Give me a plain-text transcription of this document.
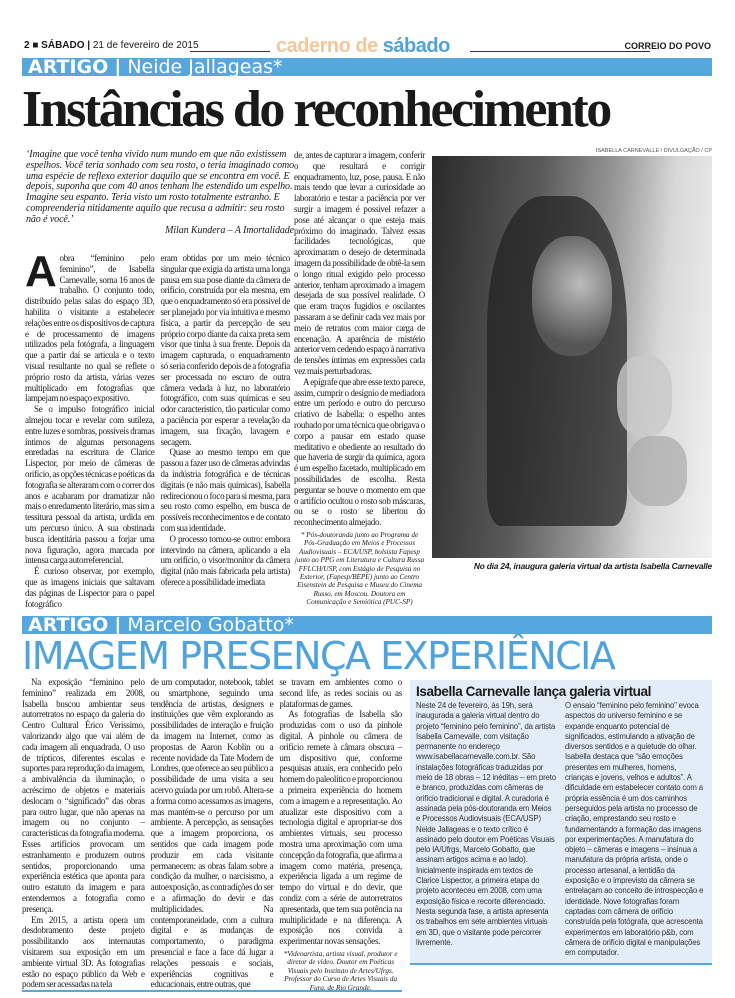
2 ■ SÁBADO | 21 de fevereiro de 2015	caderno de sábado	CORREIO DO POVO
ARTIGO | Neide Jallageas*
Instâncias do reconhecimento
‘Imagine que você tenha vivido num mundo em que não existissem espelhos. Você teria sonhado com seu rosto, o teria imaginado como uma espécie de reflexo exterior daquilo que se encontra em você. E depois, suponha que com 40 anos tenham lhe estendido um espelho. Imagine seu espanto. Teria visto um rosto totalmente estranho. E compreenderia nitidamente aquilo que recusa a admitir: seu rosto não é você.’
Milan Kundera – A Imortalidade

Aobra “feminino pelo feminino”, de Isabella Carnevalle, soma 16 anos de trabalho. O conjunto todo, distribuído pelas salas do espaço 3D, habilita o visitante a estabelecer relações entre os dispositivos de captura e de processamento de imagens utilizados pela fotógrafa, a linguagem que a partir daí se articula e o texto visual resultante no qual se reflete o próprio rosto da artista, várias vezes multiplicado em fotografias que lampejam no espaço expositivo.

Se o impulso fotográfico inicial almejou tocar e revelar com sutileza, entre luzes e sombras, possíveis dramas íntimos de algumas personagens enredadas na escritura de Clarice Lispector, por meio de câmeras de orifício, as opções técnicas e poéticas da fotografia se alteraram com o correr dos anos e acabaram por dramatizar não mais o enredamento literário, mas sim a tessitura pessoal da artista, urdida em um percurso único. A sua obstinada busca identitária passou a forjar uma nova figuração, agora marcada por intensa carga autorreferencial.

É curioso observar, por exemplo, que as imagens iniciais que saltavam das páginas de Lispector para o papel fotográfico

eram obtidas por um meio técnico singular que exigia da artista uma longa pausa em sua pose diante da câmera de orifício, construída por ela mesma, em que o enquadramento só era possível de ser planejado por via intuitiva e mesmo física, a partir da percepção de seu próprio corpo diante da caixa preta sem visor que tinha à sua frente. Depois da imagem capturada, o enquadramento só seria conferido depois de a fotografia ser processada no escuro de outra câmera vedada à luz, no laboratório fotográfico, com suas químicas e seu odor característico, tão particular como a paciência por esperar a revelação da imagem, sua fixação, lavagem e secagem.

Quase ao mesmo tempo em que passou a fazer uso de câmeras advindas da indústria fotográfica e de técnicas digitais (e não mais químicas), Isabella redirecionou o foco para si mesma, para seu rosto como espelho, em busca de possíveis reconhecimentos e de contato com sua identidade.

O processo tornou-se outro: embora intervindo na câmera, aplicando a ela um orifício, o visor/monitor da câmera digital (não mais fabricada pela artista) oferece a possibilidade imediata

de, antes de capturar a imagem, conferir o que resultará e corrigir enquadramento, luz, pose, pausa. E não mais tendo que levar a curiosidade ao laboratório e testar a paciência por ver surgir a imagem é possível refazer a pose até alcançar o que esteja mais próximo do imaginado. Talvez essas facilidades tecnológicas, que aproximaram o desejo de determinada imagem da possibilidade de obtê-la sem o longo ritual exigido pelo processo anterior, tenham aproximado a imagem desejada de sua possível realidade. O que eram traços fugidios e oscilantes passaram a se definir cada vez mais por meio de retratos com maior carga de encenação. A aparência de mistério anterior vem cedendo espaço à narrativa de tensões íntimas em expressões cada vez mais perturbadoras.

A epígrafe que abre esse texto parece, assim, cumprir o desígnio de mediadora entre um período e outro do percurso criativo de Isabella: o espelho antes roubado por uma técnica que obrigava o corpo a pausar em estado quase meditativo e obediente ao resultado do que haveria de surgir da química, agora é um espelho facetado, multiplicado em possibilidades de escolha. Resta perguntar se houve o momento em que o artifício ocultou o rosto sob máscaras, ou se o rosto se libertou do reconhecimento almejado.

* Pós-doutoranda junto ao Programa de Pós-Graduação em Meios e Processos Audiovisuais – ECA/USP, bolsista Fapesp junto ao PPG em Literatura e Cultura Russa FFLCH/USP, com Estágio de Pesquisa no Exterior, (Fapesp/BEPE) junto ao Centro Eisenstein de Pesquisa e Museu do Cinema Russo, em Moscou. Doutora em Comunicação e Semiótica (PUC-SP)
ISABELLA CARNEVALLE / DIVULGAÇÃO / CP
No dia 24, inaugura galeria virtual da artista Isabella Carnevalle
ARTIGO | Marcelo Gobatto*
IMAGEM PRESENÇA EXPERIÊNCIA

Na exposição “feminino pelo feminino” realizada em 2008, Isabella buscou ambientar seus autorretratos no espaço da galeria do Centro Cultural Érico Veríssimo, valorizando algo que vai além de cada imagem ali enquadrada. O uso de trípticos, diferentes escalas e suportes para reprodução da imagem, a ambivalência da iluminação, o acréscimo de objetos e materiais deslocam o “significado” das obras para outro lugar, que não apenas na imagem ou no conjunto – características da fotografia moderna. Esses artifícios provocam um estranhamento e produzem outros sentidos, proporcionando uma experiência estética que aponta para outro estatuto da imagem e para entendermos a fotografia como presença.

Em 2015, a artista opera um desdobramento deste projeto possibilitando aos internautas visitarem sua exposição em um ambiente virtual 3D. As fotografias estão no espaço público da Web e podem ser acessadas na tela

de um computador, notebook, tablet ou smartphone, seguindo uma tendência de artistas, designers e instituições que vêm explorando as possibilidades de interação e fruição da imagem na Internet, como as propostas de Aaron Koblin ou a recente novidade da Tate Modern de Londres, que oferece ao seu público a possibilidade de uma visita a seu acervo guiada por um robô. Altera-se a forma como acessamos as imagens, mas mantém-se o percurso por um ambiente. A percepção, as sensações que a imagem proporciona, os sentidos que cada imagem pode produzir em cada visitante permanecem: as obras falam sobre a condição da mulher, o narcisismo, a autoexposição, as contradições do ser e a afirmação do devir e das multiplicidades. Na contemporaneidade, com a cultura digital e as mudanças de comportamento, o paradigma presencial e face a face dá lugar a relações pessoais e sociais, experiências cognitivas e educacionais, entre outras, que

se travam em ambientes como o second life, as redes sociais ou as plataformas de games.

As fotografias de Isabella são produzidas com o uso da pinhole digital. A pinhole ou câmera de orifício remete à câmara obscura – um dispositivo que, conforme pesquisas atuais, era conhecido pelo homem do paleolítico e proporcionou a primeira experiência do homem com a imagem e a representação. Ao atualizar este dispositivo com a tecnologia digital e apropriar-se dos ambientes virtuais, seu processo mostra uma aproximação com uma concepção da fotografia, que afirma a imagem como matéria, presença, experiência ligada a um regime de tempo do virtual e do devir, que condiz com a série de autorretratos apresentada, que tem sua potência na multiplicidade e na diferença. A exposição nos convida a experimentar novas sensações.

*Videoartista, artista visual, produtor e diretor de vídeo. Doutor em Poéticas Visuais pelo Instituto de Artes/Ufrgs. Professor do Curso de Artes Visuais da Furg, de Rio Grande.
Isabella Carnevalle lança galeria virtual
Neste 24 de fevereiro, às 19h, será inaugurada a galeria virtual dentro do projeto “feminino pelo feminino”, da artista Isabella Carnevalle, com visitação permanente no endereço www.isabellacarnevalle.com.br. São instalações fotográficas traduzidas por meio de 18 obras – 12 inéditas – em preto e branco, produzidas com câmeras de orifício tradicional e digital. A curadoria é assinada pela pós-doutoranda em Meios e Processos Audiovisuais (ECA/USP) Neide Jallageas e o texto crítico é assinado pelo doutor em Poéticas Visuais pelo IA/Ufrgs, Marcelo Gobatto, que assinam artigos acima e ao lado). Inicialmente inspirada em textos de Clarice Lispector, a primeira etapa do projeto aconteceu em 2008, com uma exposição física e recorte diferenciado. Nesta segunda fase, a artista apresenta os trabalhos em sete ambientes virtuais em 3D, que o visitante pode percorrer livremente.
O ensaio “feminino pelo feminino” evoca aspectos do universo feminino e se expande enquanto potencial de significados, estimulando a ativação de diversos sentidos e a quietude do olhar. Isabella destaca que “são emoções presentes em mulheres, homens, crianças e jovens, velhos e adultos”. A dificuldade em estabelecer contato com a própria essência é um dos caminhos perseguidos pela artista no processo de criação, emprestando seu rosto e fundamentando a formação das imagens por experimentações. A manufatura do objeto – câmeras e imagens – insinua a manufatura da própria artista, onde o processo artesanal, a lentidão da exposição e o imprevisto da câmera se entrelaçam ao conceito de introspecção e identidade. Nove fotografias foram captadas com câmera de orifício construída pela fotógrafa, que acrescenta experimentos em laboratório p&b, com câmera de orifício digital e manipulações em computador.
